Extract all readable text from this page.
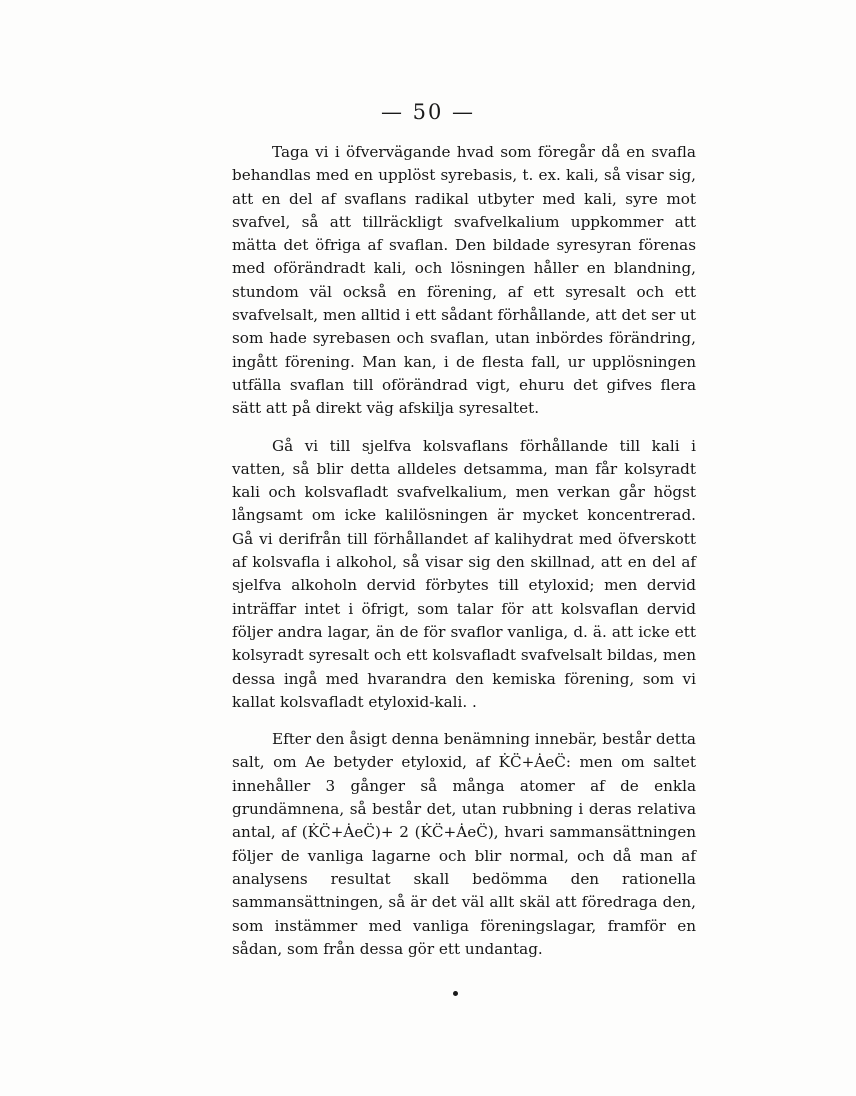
— 50 —

Taga vi i öfvervägande hvad som föregår då en svafla behandlas med en upplöst syrebasis, t. ex. kali, så visar sig, att en del af svaflans radikal utbyter med kali, syre mot svafvel, så att tillräckligt svafvelkalium uppkommer att mätta det öfriga af svaflan. Den bildade syresyran förenas med oförändradt kali, och lösningen håller en blandning, stundom väl också en förening, af ett syresalt och ett svafvelsalt, men alltid i ett sådant förhållande, att det ser ut som hade syrebasen och svaflan, utan inbördes förändring, ingått förening. Man kan, i de flesta fall, ur upplösningen utfälla svaflan till oförändrad vigt, ehuru det gifves flera sätt att på direkt väg afskilja syresaltet.

Gå vi till sjelfva kolsvaflans förhållande till kali i vatten, så blir detta alldeles detsamma, man får kolsyradt kali och kolsvafladt svafvelkalium, men verkan går högst långsamt om icke kalilösningen är mycket koncentrerad. Gå vi derifrån till förhållandet af kalihydrat med öfverskott af kolsvafla i alkohol, så visar sig den skillnad, att en del af sjelfva alkoholn dervid förbytes till etyloxid; men dervid inträffar intet i öfrigt, som talar för att kolsvaflan dervid följer andra lagar, än de för svaflor vanliga, d. ä. att icke ett kolsyradt syresalt och ett kolsvafladt svafvelsalt bildas, men dessa ingå med hvarandra den kemiska förening, som vi kallat kolsvafladt etyloxid-kali. .

Efter den åsigt denna benämning innebär, består detta salt, om Ae betyder etyloxid, af K̇C̈+ȦeC̈: men om saltet innehåller 3 gånger så många atomer af de enkla grundämnena, så består det, utan rubbning i deras relativa antal, af (K̇C̈+ȦeC̈)+ 2 (K̇C̈+ȦeC̈), hvari sammansättningen följer de vanliga lagarne och blir normal, och då man af analysens resultat skall bedömma den rationella sammansättningen, så är det väl allt skäl att föredraga den, som instämmer med vanliga föreningslagar, framför en sådan, som från dessa gör ett undantag.
